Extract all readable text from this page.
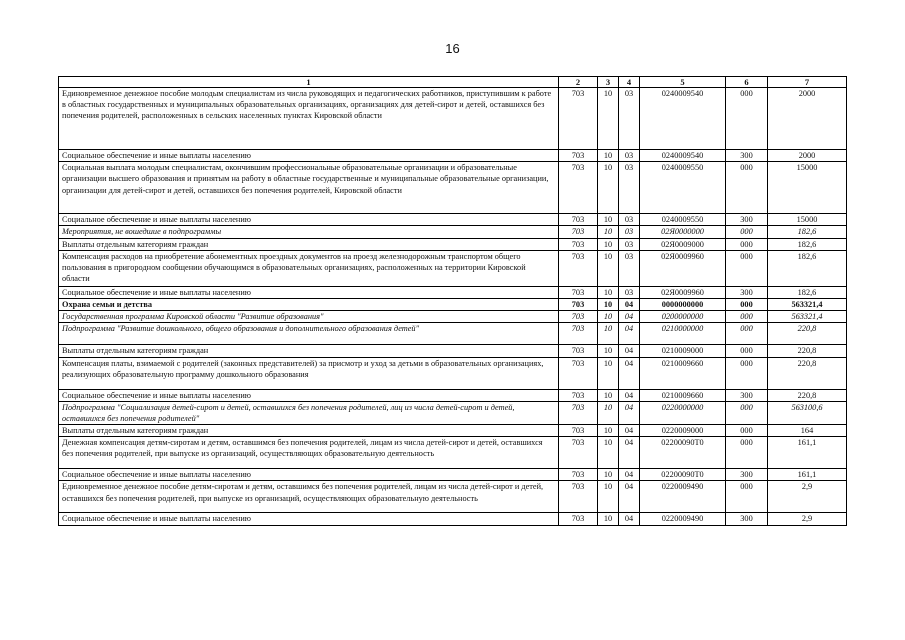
16
1	2	3	4	5	6	7
Единовременное денежное пособие молодым специалистам из числа руководящих и педагогических работников, приступившим к работе в областных государственных и муниципальных образовательных организациях, организациях для детей-сирот и детей, оставшихся без попечения родителей, расположенных в сельских населенных пунктах Кировской области	703	10	03	0240009540	000	2000
Социальное обеспечение и иные выплаты населению	703	10	03	0240009540	300	2000
Социальная выплата молодым специалистам, окончившим профессиональные образовательные организации и образовательные организации высшего образования и принятым на работу в областные государственные и муниципальные образовательные организации, организации для детей-сирот и детей, оставшихся без попечения родителей, Кировской области	703	10	03	0240009550	000	15000
Социальное обеспечение и иные выплаты населению	703	10	03	0240009550	300	15000
Мероприятия, не вошедшие в подпрограммы	703	10	03	02Я0000000	000	182,6
Выплаты отдельным категориям граждан	703	10	03	02Я0009000	000	182,6
Компенсация расходов на приобретение абонементных проездных документов на проезд железнодорожным транспортом общего пользования в пригородном сообщении обучающимся в образовательных организациях, расположенных на территории Кировской области	703	10	03	02Я0009960	000	182,6
Социальное обеспечение и иные выплаты населению	703	10	03	02Я0009960	300	182,6
Охрана семьи и детства	703	10	04	0000000000	000	563321,4
Государственная программа Кировской области "Развитие образования"	703	10	04	0200000000	000	563321,4
Подпрограмма "Развитие дошкольного, общего образования и дополнительного образования детей"	703	10	04	0210000000	000	220,8
Выплаты отдельным категориям граждан	703	10	04	0210009000	000	220,8
Компенсация платы, взимаемой с родителей (законных представителей) за присмотр и уход за детьми в образовательных организациях, реализующих образовательную программу дошкольного образования	703	10	04	0210009660	000	220,8
Социальное обеспечение и иные выплаты населению	703	10	04	0210009660	300	220,8
Подпрограмма "Социализация детей-сирот и детей, оставшихся без попечения родителей, лиц из числа детей-сирот и детей, оставшихся без попечения родителей"	703	10	04	0220000000	000	563100,6
Выплаты отдельным категориям граждан	703	10	04	0220009000	000	164
Денежная компенсация детям-сиротам и детям, оставшимся без попечения родителей, лицам из числа детей-сирот и детей, оставшихся без попечения родителей, при выпуске из организаций, осуществляющих образовательную деятельность	703	10	04	02200090Т0	000	161,1
Социальное обеспечение и иные выплаты населению	703	10	04	02200090Т0	300	161,1
Единовременное денежное пособие детям-сиротам и детям, оставшимся без попечения родителей, лицам из числа детей-сирот и детей, оставшихся без попечения родителей, при выпуске из организаций, осуществляющих образовательную деятельность	703	10	04	0220009490	000	2,9
Социальное обеспечение и иные выплаты населению	703	10	04	0220009490	300	2,9
